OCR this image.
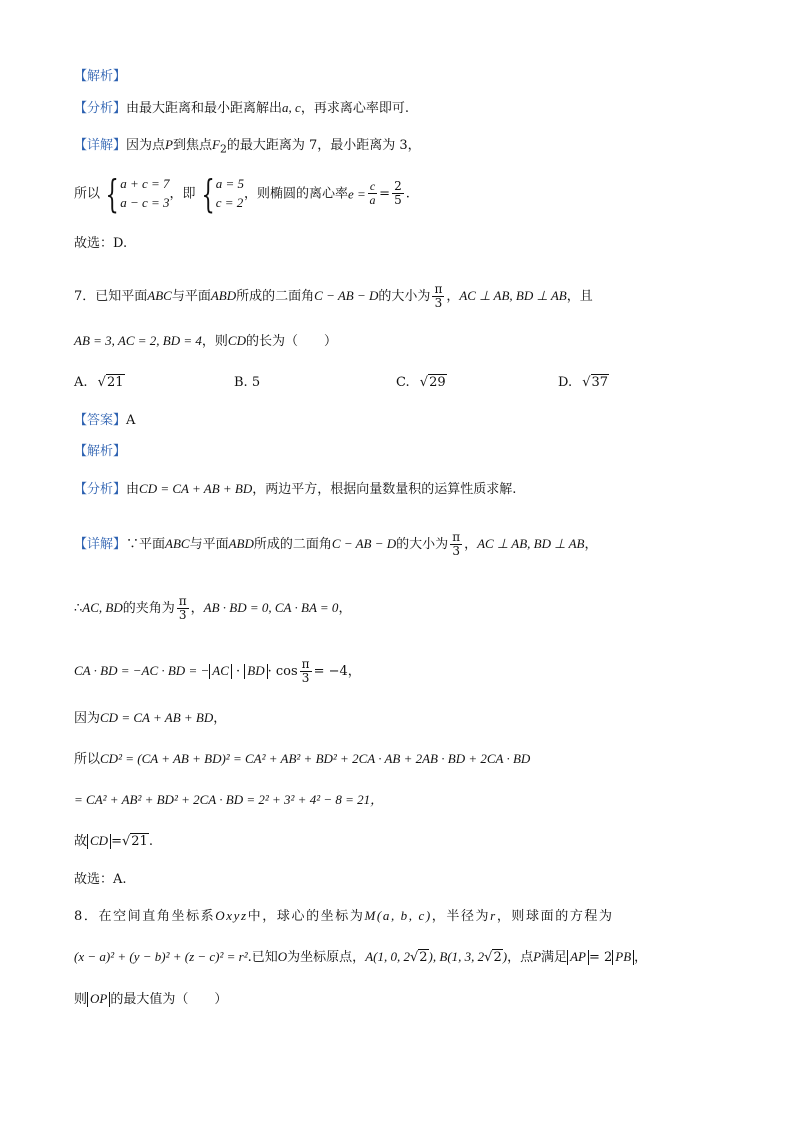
【解析】
【分析】由最大距离和最小距离解出a, c，再求离心率即可.
【详解】因为点P到焦点$F_2$的最大距离为 7，最小距离为 3，
所以 { a + c = 7
a − c = 3
，即 { a = 5
c = 2
，则椭圆的离心率$e = \frac{c}{a} = \frac{2}{5}$ .
故选：D.
7．已知平面ABC与平面ABD所成的二面角C − AB − D的大小为 $\frac{\pi}{3}$ ，AC ⊥ AB, BD ⊥ AB，且
AB = 3, AC = 2, BD = 4，则CD的长为（　　）
A. √21	B. 5	C. √29	D. √37
【答案】A
【解析】
【分析】由CD = CA + AB + BD，两边平方，根据向量数量积的运算性质求解.
【详解】∵平面ABC与平面ABD所成的二面角C − AB − D的大小为 $\frac{\pi}{3}$ ，AC ⊥ AB, BD ⊥ AB，
∴AC, BD的夹角为 $\frac{\pi}{3}$ ，AB · BD = 0, CA · BA = 0，
CA · BD = −AC · BD = − AC · BD · $\cos \frac{\pi}{3} = -4$，
因为CD = CA + AB + BD，
所以CD² = (CA + AB + BD)² = CA² + AB² + BD² + 2CA · AB + 2AB · BD + 2CA · BD
= CA² + AB² + BD² + 2CA · BD = 2² + 3² + 4² − 8 = 21，
故 CD =√21.
故选：A.
8．在空间直角坐标系Oxyz中，球心的坐标为M(a, b, c)，半径为r，则球面的方程为
(x − a)² + (y − b)² + (z − c)² = r².已知O为坐标原点，A(1, 0, 2√2), B(1, 3, 2√2)，点P满足 AP = 2 PB ，
则 OP 的最大值为（　　）
